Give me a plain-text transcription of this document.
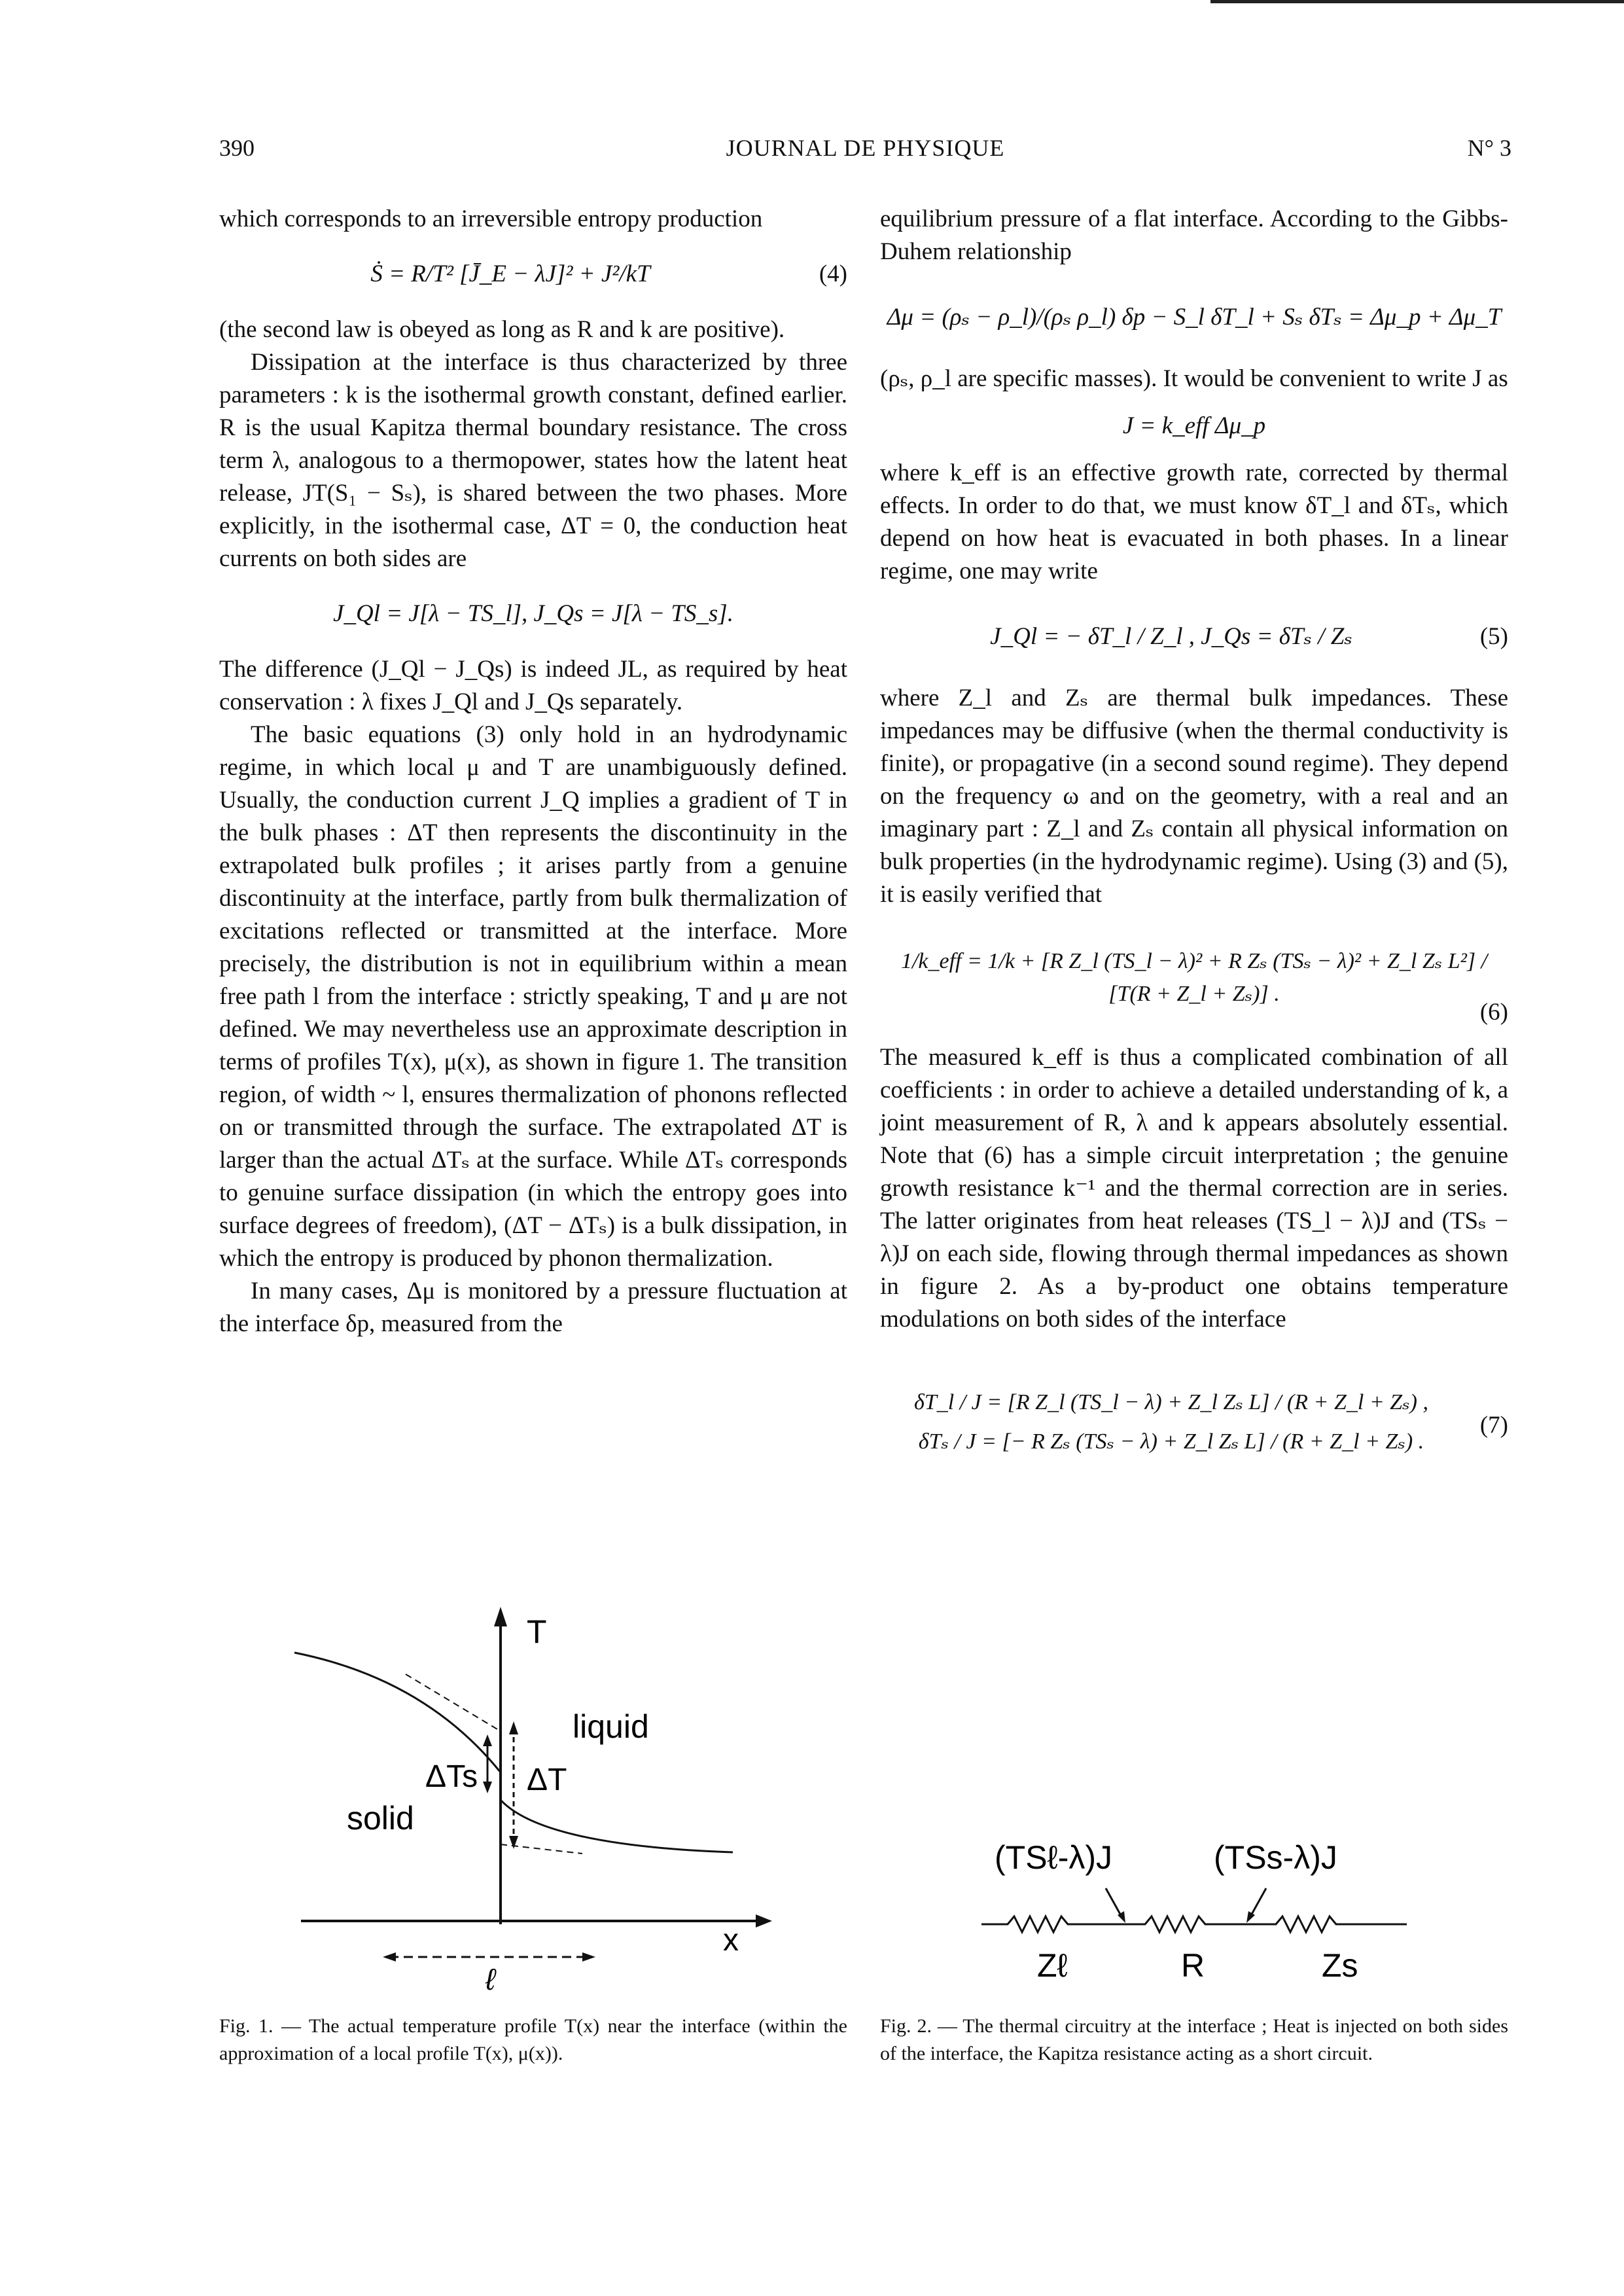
390	JOURNAL DE PHYSIQUE	N° 3

which corresponds to an irreversible entropy production

Ṡ = R/T² [J̄_E − λJ]² + J²/kT	(4)

(the second law is obeyed as long as R and k are positive).

Dissipation at the interface is thus characterized by three parameters : k is the isothermal growth constant, defined earlier. R is the usual Kapitza thermal boundary resistance. The cross term λ, analogous to a thermopower, states how the latent heat release, JT(S₁ − Sₛ), is shared between the two phases. More explicitly, in the isothermal case, ΔT = 0, the conduction heat currents on both sides are

J_Ql = J[λ − TS_l], J_Qs = J[λ − TS_s].

The difference (J_Ql − J_Qs) is indeed JL, as required by heat conservation : λ fixes J_Ql and J_Qs separately.

The basic equations (3) only hold in an hydrodynamic regime, in which local μ and T are unambiguously defined. Usually, the conduction current J_Q implies a gradient of T in the bulk phases : ΔT then represents the discontinuity in the extrapolated bulk profiles ; it arises partly from a genuine discontinuity at the interface, partly from bulk thermalization of excitations reflected or transmitted at the interface. More precisely, the distribution is not in equilibrium within a mean free path l from the interface : strictly speaking, T and μ are not defined. We may nevertheless use an approximate description in terms of profiles T(x), μ(x), as shown in figure 1. The transition region, of width ~ l, ensures thermalization of phonons reflected on or transmitted through the surface. The extrapolated ΔT is larger than the actual ΔTₛ at the surface. While ΔTₛ corresponds to genuine surface dissipation (in which the entropy goes into surface degrees of freedom), (ΔT − ΔTₛ) is a bulk dissipation, in which the entropy is produced by phonon thermalization.

In many cases, Δμ is monitored by a pressure fluctuation at the interface δp, measured from the

equilibrium pressure of a flat interface. According to the Gibbs-Duhem relationship

Δμ = (ρₛ − ρ_l)/(ρₛ ρ_l) δp − S_l δT_l + Sₛ δTₛ = Δμ_p + Δμ_T

(ρₛ, ρ_l are specific masses). It would be convenient to write J as

J = k_eff Δμ_p

where k_eff is an effective growth rate, corrected by thermal effects. In order to do that, we must know δT_l and δTₛ, which depend on how heat is evacuated in both phases. In a linear regime, one may write

J_Ql = − δT_l / Z_l , J_Qs = δTₛ / Zₛ	(5)

where Z_l and Zₛ are thermal bulk impedances. These impedances may be diffusive (when the thermal conductivity is finite), or propagative (in a second sound regime). They depend on the frequency ω and on the geometry, with a real and an imaginary part : Z_l and Zₛ contain all physical information on bulk properties (in the hydrodynamic regime). Using (3) and (5), it is easily verified that

1/k_eff = 1/k + [R Z_l (TS_l − λ)² + R Zₛ (TSₛ − λ)² + Z_l Zₛ L²] / [T(R + Z_l + Zₛ)] .
(6)

The measured k_eff is thus a complicated combination of all coefficients : in order to achieve a detailed understanding of k, a joint measurement of R, λ and k appears absolutely essential. Note that (6) has a simple circuit interpretation ; the genuine growth resistance k⁻¹ and the thermal correction are in series. The latter originates from heat releases (TS_l − λ)J and (TSₛ − λ)J on each side, flowing through thermal impedances as shown in figure 2. As a by-product one obtains temperature modulations on both sides of the interface

δT_l / J = [R Z_l (TS_l − λ) + Z_l Zₛ L] / (R + Z_l + Zₛ) ,
δTₛ / J = [− R Zₛ (TSₛ − λ) + Z_l Zₛ L] / (R + Z_l + Zₛ) .
(7)
T
liquid
solid
ΔTs ΔT
x
ℓ
Fig. 1. — The actual temperature profile T(x) near the interface (within the approximation of a local profile T(x), μ(x)).
(TSℓ-λ)J	(TSs-λ)J
Zℓ	R	Zs
Fig. 2. — The thermal circuitry at the interface ; Heat is injected on both sides of the interface, the Kapitza resistance acting as a short circuit.
